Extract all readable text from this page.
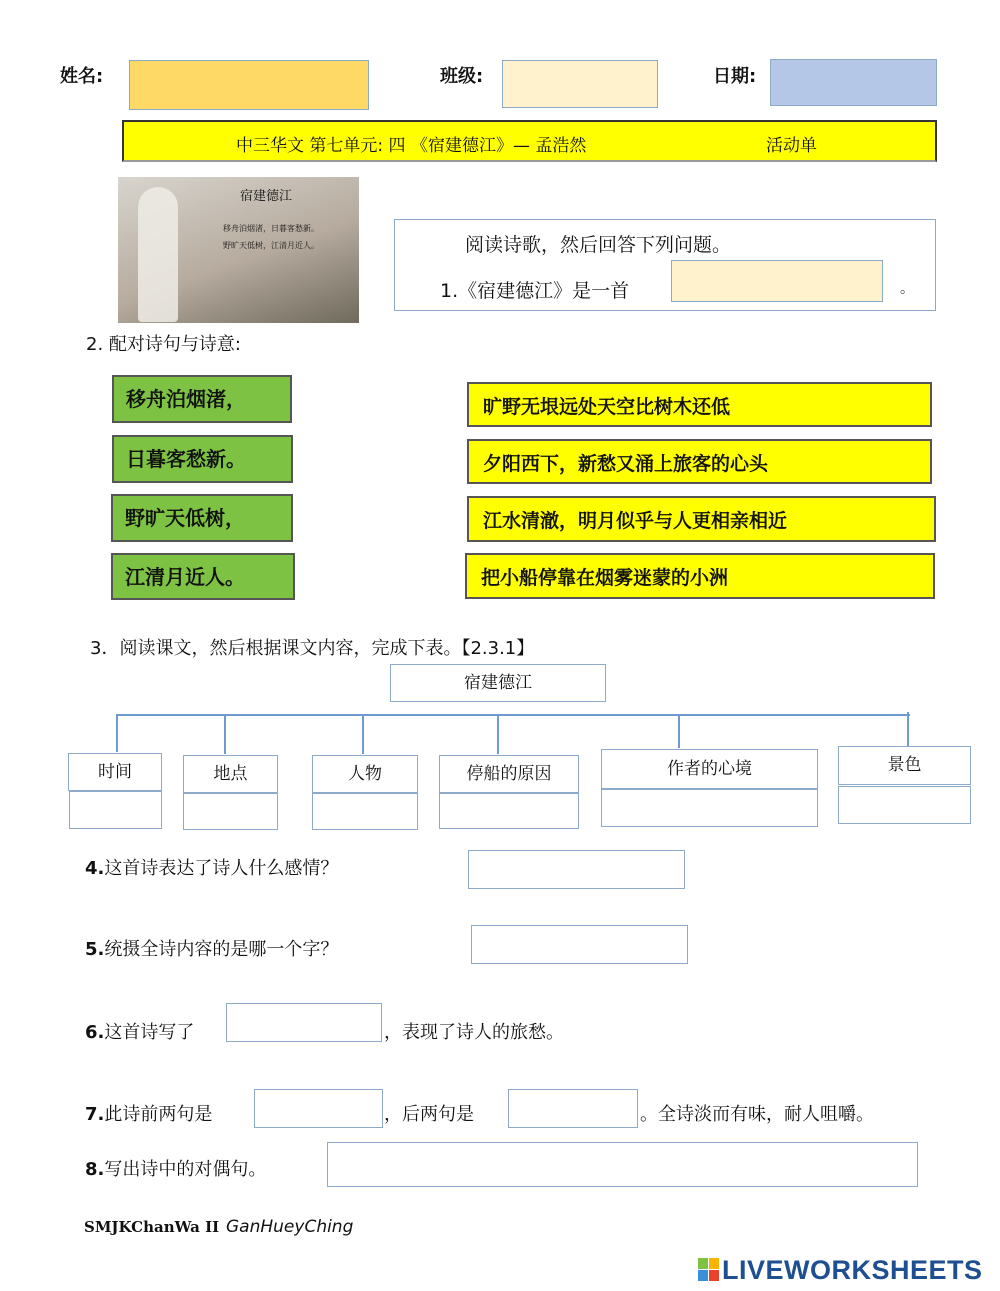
姓名:	班级:	日期:
中三华文 第七单元: 四 《宿建德江》— 孟浩然	活动单
宿建德江
移舟泊烟渚，日暮客愁新。
野旷天低树，江清月近人。	阅读诗歌，然后回答下列问题。
1.《宿建德江》是一首	。
2. 配对诗句与诗意:
移舟泊烟渚，
日暮客愁新。
野旷天低树，
江清月近人。
旷野无垠远处天空比树木还低
夕阳西下，新愁又涌上旅客的心头
江水清澈，明月似乎与人更相亲相近
把小船停靠在烟雾迷蒙的小洲
3．阅读课文，然后根据课文内容，完成下表。【2.3.1】
宿建德江
时间	地点	人物	停船的原因	作者的心境	景色
4.这首诗表达了诗人什么感情？
5.统摄全诗内容的是哪一个字？
6.这首诗写了	，表现了诗人的旅愁。
7.此诗前两句是	，后两句是	。全诗淡而有味，耐人咀嚼。
8.写出诗中的对偶句。
SMJKChanWa II GanHueyChing
LIVEWORKSHEETS
